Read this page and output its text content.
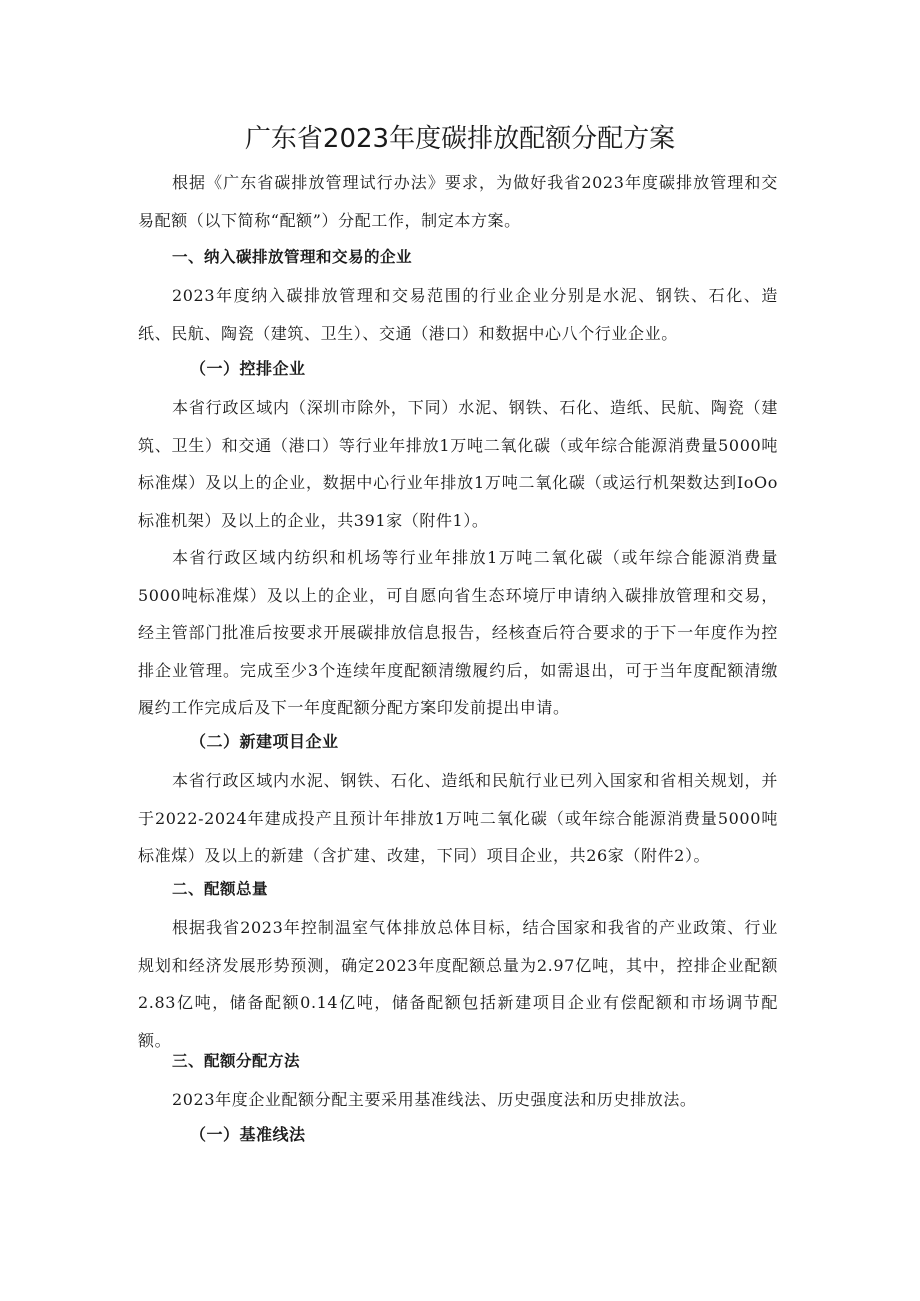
广东省2023年度碳排放配额分配方案

根据《广东省碳排放管理试行办法》要求，为做好我省2023年度碳排放管理和交易配额（以下简称“配额”）分配工作，制定本方案。

一、纳入碳排放管理和交易的企业

2023年度纳入碳排放管理和交易范围的行业企业分别是水泥、钢铁、石化、造纸、民航、陶瓷（建筑、卫生）、交通（港口）和数据中心八个行业企业。

（一）控排企业

本省行政区域内（深圳市除外，下同）水泥、钢铁、石化、造纸、民航、陶瓷（建筑、卫生）和交通（港口）等行业年排放1万吨二氧化碳（或年综合能源消费量5000吨标准煤）及以上的企业，数据中心行业年排放1万吨二氧化碳（或运行机架数达到IoOo标准机架）及以上的企业，共391家（附件1）。

本省行政区域内纺织和机场等行业年排放1万吨二氧化碳（或年综合能源消费量5000吨标准煤）及以上的企业，可自愿向省生态环境厅申请纳入碳排放管理和交易，经主管部门批准后按要求开展碳排放信息报告，经核查后符合要求的于下一年度作为控排企业管理。完成至少3个连续年度配额清缴履约后，如需退出，可于当年度配额清缴履约工作完成后及下一年度配额分配方案印发前提出申请。

（二）新建项目企业

本省行政区域内水泥、钢铁、石化、造纸和民航行业已列入国家和省相关规划，并于2022-2024年建成投产且预计年排放1万吨二氧化碳（或年综合能源消费量5000吨标准煤）及以上的新建（含扩建、改建，下同）项目企业，共26家（附件2）。

二、配额总量

根据我省2023年控制温室气体排放总体目标，结合国家和我省的产业政策、行业规划和经济发展形势预测，确定2023年度配额总量为2.97亿吨，其中，控排企业配额2.83亿吨，储备配额0.14亿吨，储备配额包括新建项目企业有偿配额和市场调节配额。

三、配额分配方法

2023年度企业配额分配主要采用基准线法、历史强度法和历史排放法。

（一）基准线法
